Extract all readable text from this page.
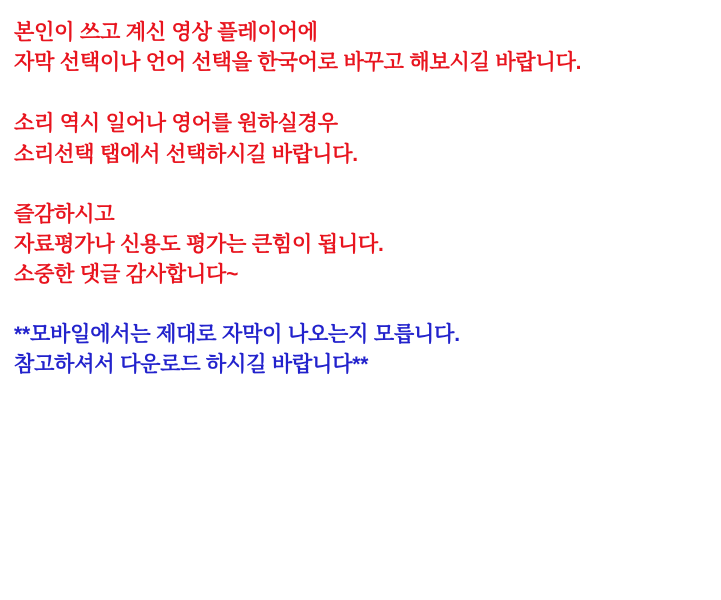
본인이 쓰고 계신 영상 플레이어에
자막 선택이나 언어 선택을 한국어로 바꾸고 해보시길 바랍니다.
소리 역시 일어나 영어를 원하실경우
소리선택 탭에서 선택하시길 바랍니다.
즐감하시고
자료평가나 신용도 평가는 큰힘이 됩니다.
소중한 댓글 감사합니다~
**모바일에서는 제대로 자막이 나오는지 모릅니다.
참고하셔서 다운로드 하시길 바랍니다**
